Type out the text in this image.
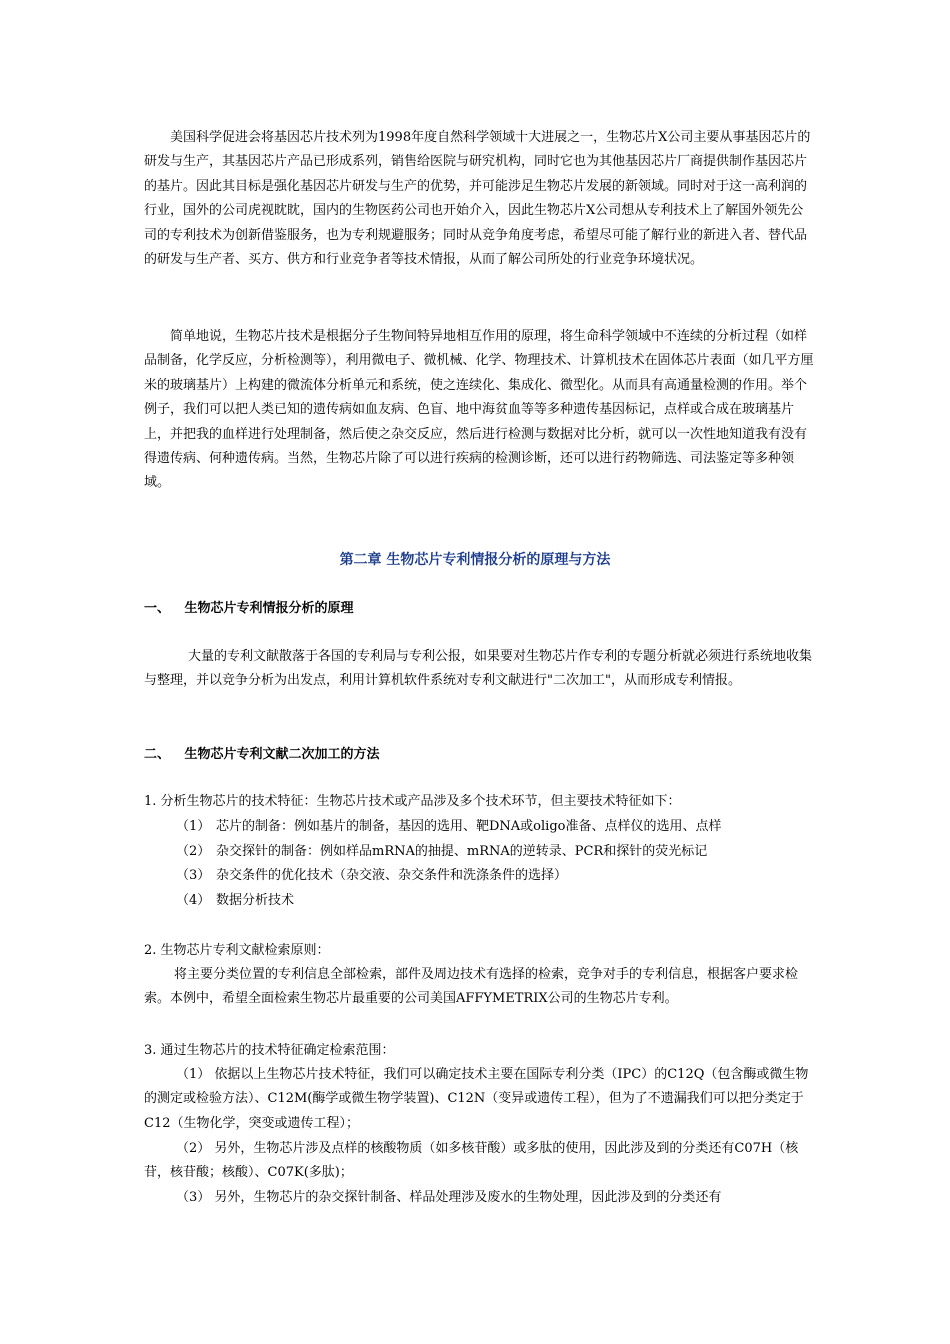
美国科学促进会将基因芯片技术列为1998年度自然科学领域十大进展之一，生物芯片X公司主要从事基因芯片的研发与生产，其基因芯片产品已形成系列，销售给医院与研究机构，同时它也为其他基因芯片厂商提供制作基因芯片的基片。因此其目标是强化基因芯片研发与生产的优势，并可能涉足生物芯片发展的新领域。同时对于这一高利润的行业，国外的公司虎视眈眈，国内的生物医药公司也开始介入，因此生物芯片X公司想从专利技术上了解国外领先公司的专利技术为创新借鉴服务，也为专利规避服务；同时从竞争角度考虑，希望尽可能了解行业的新进入者、替代品的研发与生产者、买方、供方和行业竞争者等技术情报，从而了解公司所处的行业竞争环境状况。

简单地说，生物芯片技术是根据分子生物间特异地相互作用的原理，将生命科学领域中不连续的分析过程（如样品制备，化学反应，分析检测等），利用微电子、微机械、化学、物理技术、计算机技术在固体芯片表面（如几平方厘米的玻璃基片）上构建的微流体分析单元和系统，使之连续化、集成化、微型化。从而具有高通量检测的作用。举个例子，我们可以把人类已知的遗传病如血友病、色盲、地中海贫血等等多种遗传基因标记，点样或合成在玻璃基片上，并把我的血样进行处理制备，然后使之杂交反应，然后进行检测与数据对比分析，就可以一次性地知道我有没有得遗传病、何种遗传病。当然，生物芯片除了可以进行疾病的检测诊断，还可以进行药物筛选、司法鉴定等多种领域。

第二章 生物芯片专利情报分析的原理与方法
一、 生物芯片专利情报分析的原理

大量的专利文献散落于各国的专利局与专利公报，如果要对生物芯片作专利的专题分析就必须进行系统地收集与整理，并以竞争分析为出发点，利用计算机软件系统对专利文献进行"二次加工"，从而形成专利情报。

二、 生物芯片专利文献二次加工的方法
1. 分析生物芯片的技术特征：生物芯片技术或产品涉及多个技术环节，但主要技术特征如下：
（1） 芯片的制备：例如基片的制备，基因的选用、靶DNA或oligo准备、点样仪的选用、点样
（2） 杂交探针的制备：例如样品mRNA的抽提、mRNA的逆转录、PCR和探针的荧光标记
（3） 杂交条件的优化技术（杂交液、杂交条件和洗涤条件的选择）
（4） 数据分析技术
2. 生物芯片专利文献检索原则：

将主要分类位置的专利信息全部检索，部件及周边技术有选择的检索，竞争对手的专利信息，根据客户要求检索。本例中，希望全面检索生物芯片最重要的公司美国AFFYMETRIX公司的生物芯片专利。

3. 通过生物芯片的技术特征确定检索范围：

（1） 依据以上生物芯片技术特征，我们可以确定技术主要在国际专利分类（IPC）的C12Q（包含酶或微生物的测定或检验方法）、C12M(酶学或微生物学装置)、C12N（变异或遗传工程），但为了不遗漏我们可以把分类定于C12（生物化学，突变或遗传工程）；

（2） 另外，生物芯片涉及点样的核酸物质（如多核苷酸）或多肽的使用，因此涉及到的分类还有C07H（核苷，核苷酸；核酸）、C07K(多肽)；

（3） 另外，生物芯片的杂交探针制备、样品处理涉及废水的生物处理，因此涉及到的分类还有
